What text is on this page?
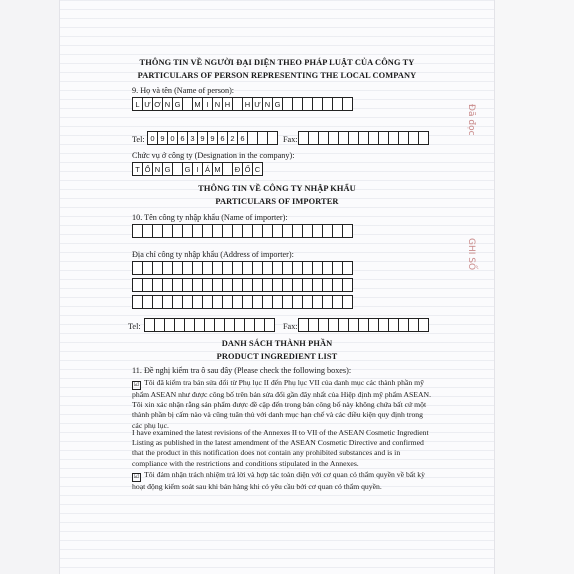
Đã đọc
GHI SỐ
THÔNG TIN VỀ NGƯỜI ĐẠI DIỆN THEO PHÁP LUẬT CỦA CÔNG TY
PARTICULARS OF PERSON REPRESENTING THE LOCAL COMPANY
9. Họ và tên (Name of person):
L Ư Ơ N G	M I N H	H Ư N G
Tel: 0 9 0 6 3 9 9 6 2 6	Fax:
Chức vụ ở công ty (Designation in the company):
T Ổ N G	G I Á M	Đ Ố C
THÔNG TIN VỀ CÔNG TY NHẬP KHẨU
PARTICULARS OF IMPORTER
10. Tên công ty nhập khẩu (Name of importer):
Địa chỉ công ty nhập khẩu (Address of importer):
Tel:	Fax:
DANH SÁCH THÀNH PHẦN
PRODUCT INGREDIENT LIST
11. Đề nghị kiểm tra ô sau đây (Please check the following boxes):
☑ Tôi đã kiểm tra bản sửa đổi từ Phụ lục II đến Phụ lục VII của danh mục các thành phần mỹ phẩm ASEAN như được công bố trên bản sửa đổi gần đây nhất của Hiệp định mỹ phẩm ASEAN. Tôi xin xác nhận rằng sản phẩm được đề cập đến trong bản công bố này không chứa bất cứ một thành phần bị cấm nào và cũng tuân thủ với danh mục hạn chế và các điều kiện quy định trong các phụ lục.
I have examined the latest revisions of the Annexes II to VII of the ASEAN Cosmetic Ingredient Listing as published in the latest amendment of the ASEAN Cosmetic Directive and confirmed that the product in this notification does not contain any prohibited substances and is in compliance with the restrictions and conditions stipulated in the Annexes.
☑ Tôi đảm nhận trách nhiệm trả lời và hợp tác toàn diện với cơ quan có thẩm quyền về bất kỳ hoạt động kiểm soát sau khi bán hàng khi có yêu cầu bởi cơ quan có thẩm quyền.
